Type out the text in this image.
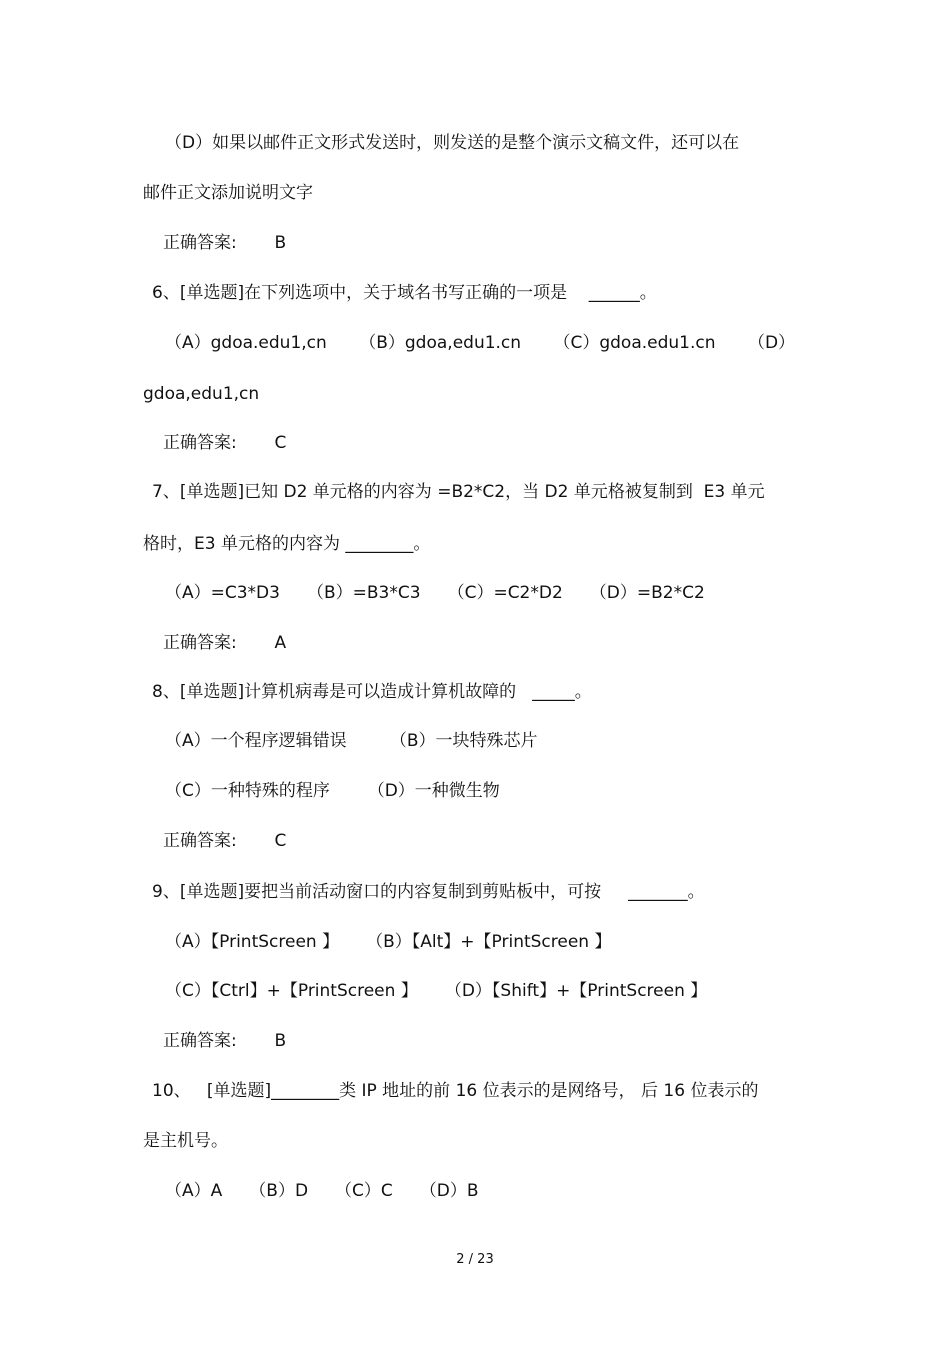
（D）如果以邮件正文形式发送时，则发送的是整个演示文稿文件，还可以在
邮件正文添加说明文字
正确答案:       B
6、[单选题]在下列选项中，关于域名书写正确的一项是    ______。
（A）gdoa.edu1,cn      （B）gdoa,edu1.cn      （C）gdoa.edu1.cn      （D）
gdoa,edu1,cn
正确答案:       C
7、[单选题]已知 D2 单元格的内容为 =B2*C2，当 D2 单元格被复制到  E3 单元
格时，E3 单元格的内容为 ________。
（A）=C3*D3     （B）=B3*C3     （C）=C2*D2     （D）=B2*C2
正确答案:       A
8、[单选题]计算机病毒是可以造成计算机故障的   _____。
（A）一个程序逻辑错误        （B）一块特殊芯片
（C）一种特殊的程序       （D）一种微生物
正确答案:       C
9、[单选题]要把当前活动窗口的内容复制到剪贴板中，可按     _______。
（A）【PrintScreen 】     （B）【Alt】+【PrintScreen 】
（C）【Ctrl】+【PrintScreen 】     （D）【Shift】+【PrintScreen 】
正确答案:       B
10、   [单选题]________类 IP 地址的前 16 位表示的是网络号， 后 16 位表示的
是主机号。
（A）A     （B）D     （C）C     （D）B
2 / 23
